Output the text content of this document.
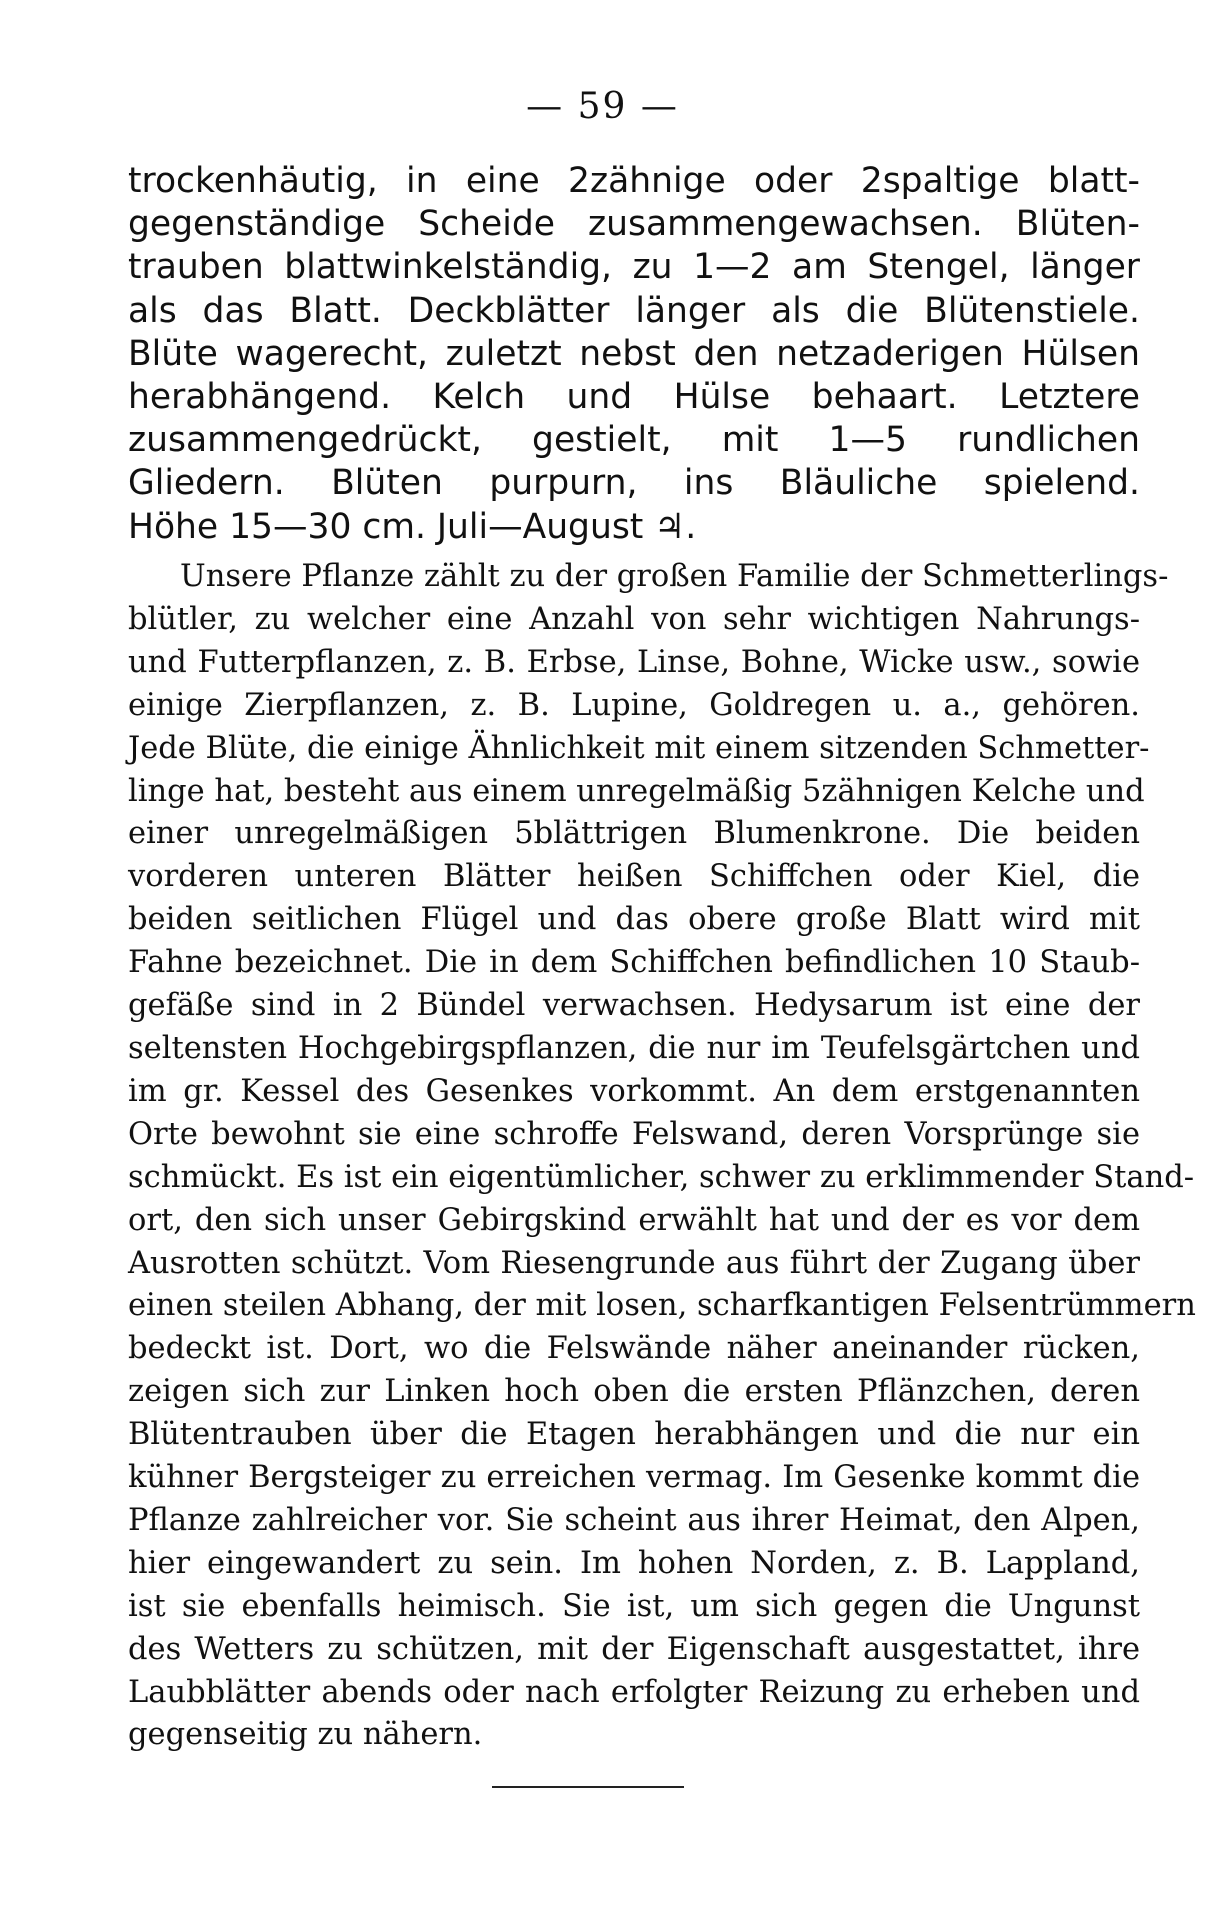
— 59 —
trockenhäutig, in eine 2zähnige oder 2spaltige blatt-
gegenständige Scheide zusammengewachsen. Blüten-
trauben blattwinkelständig, zu 1—2 am Stengel, länger
als das Blatt. Deckblätter länger als die Blütenstiele.
Blüte wagerecht, zuletzt nebst den netzaderigen Hülsen
herabhängend. Kelch und Hülse behaart. Letztere
zusammengedrückt, gestielt, mit 1—5 rundlichen
Gliedern. Blüten purpurn, ins Bläuliche spielend.
Höhe 15—30 cm. Juli—August ♃.
Unsere Pflanze zählt zu der großen Familie der Schmetterlings-
blütler, zu welcher eine Anzahl von sehr wichtigen Nahrungs-
und Futterpflanzen, z. B. Erbse, Linse, Bohne, Wicke usw., sowie
einige Zierpflanzen, z. B. Lupine, Goldregen u. a., gehören.
Jede Blüte, die einige Ähnlichkeit mit einem sitzenden Schmetter-
linge hat, besteht aus einem unregelmäßig 5zähnigen Kelche und
einer unregelmäßigen 5blättrigen Blumenkrone. Die beiden
vorderen unteren Blätter heißen Schiffchen oder Kiel, die
beiden seitlichen Flügel und das obere große Blatt wird mit
Fahne bezeichnet. Die in dem Schiffchen befindlichen 10 Staub-
gefäße sind in 2 Bündel verwachsen. Hedysarum ist eine der
seltensten Hochgebirgspflanzen, die nur im Teufelsgärtchen und
im gr. Kessel des Gesenkes vorkommt. An dem erstgenannten
Orte bewohnt sie eine schroffe Felswand, deren Vorsprünge sie
schmückt. Es ist ein eigentümlicher, schwer zu erklimmender Stand-
ort, den sich unser Gebirgskind erwählt hat und der es vor dem
Ausrotten schützt. Vom Riesengrunde aus führt der Zugang über
einen steilen Abhang, der mit losen, scharfkantigen Felsentrümmern
bedeckt ist. Dort, wo die Felswände näher aneinander rücken,
zeigen sich zur Linken hoch oben die ersten Pflänzchen, deren
Blütentrauben über die Etagen herabhängen und die nur ein
kühner Bergsteiger zu erreichen vermag. Im Gesenke kommt die
Pflanze zahlreicher vor. Sie scheint aus ihrer Heimat, den Alpen,
hier eingewandert zu sein. Im hohen Norden, z. B. Lappland,
ist sie ebenfalls heimisch. Sie ist, um sich gegen die Ungunst
des Wetters zu schützen, mit der Eigenschaft ausgestattet, ihre
Laubblätter abends oder nach erfolgter Reizung zu erheben und
gegenseitig zu nähern.
